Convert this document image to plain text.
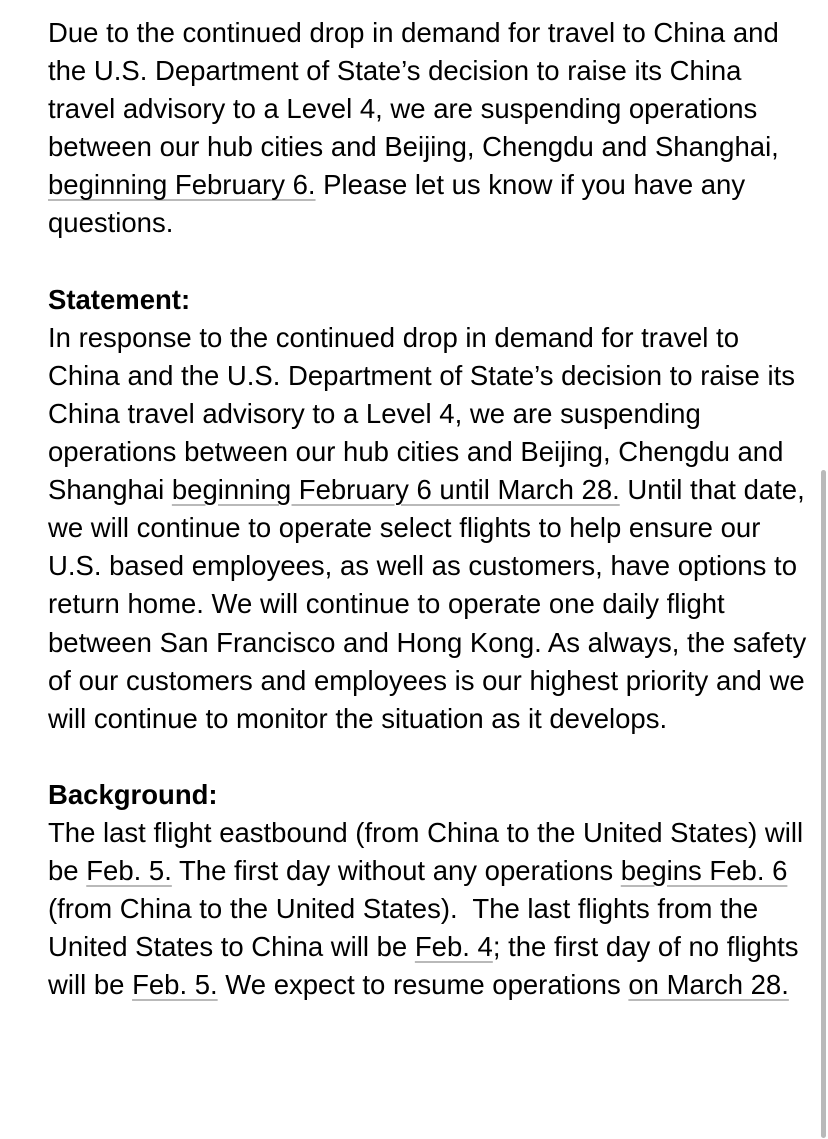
Due to the continued drop in demand for travel to China and the U.S. Department of State’s decision to raise its China travel advisory to a Level 4, we are suspending operations between our hub cities and Beijing, Chengdu and Shanghai, beginning February 6. Please let us know if you have any questions.

Statement:

In response to the continued drop in demand for travel to China and the U.S. Department of State’s decision to raise its China travel advisory to a Level 4, we are suspending operations between our hub cities and Beijing, Chengdu and Shanghai beginning February 6 until March 28. Until that date, we will continue to operate select flights to help ensure our U.S. based employees, as well as customers, have options to return home. We will continue to operate one daily flight between San Francisco and Hong Kong. As always, the safety of our customers and employees is our highest priority and we will continue to monitor the situation as it develops.

Background:

The last flight eastbound (from China to the United States) will be Feb. 5. The first day without any operations begins Feb. 6 (from China to the United States).  The last flights from the United States to China will be Feb. 4; the first day of no flights will be Feb. 5. We expect to resume operations on March 28.
